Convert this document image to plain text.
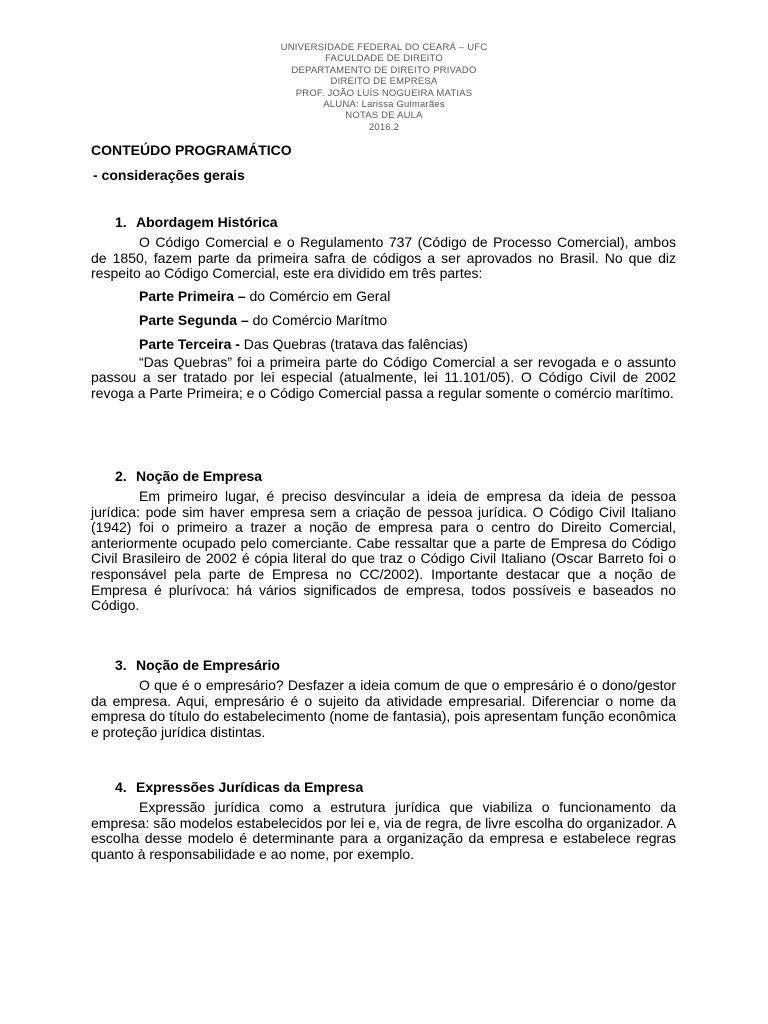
UNIVERSIDADE FEDERAL DO CEARÁ – UFC
FACULDADE DE DIREITO
DEPARTAMENTO DE DIREITO PRIVADO
DIREITO DE EMPRESA
PROF. JOÃO LUÍS NOGUEIRA MATIAS
ALUNA: Larissa Guimarães
NOTAS DE AULA
2016.2
CONTEÚDO PROGRAMÁTICO
- considerações gerais
1. Abordagem Histórica

O Código Comercial e o Regulamento 737 (Código de Processo Comercial), ambos de 1850, fazem parte da primeira safra de códigos a ser aprovados no Brasil. No que diz respeito ao Código Comercial, este era dividido em três partes:

Parte Primeira – do Comércio em Geral

Parte Segunda – do Comércio Marítmo

Parte Terceira - Das Quebras (tratava das falências)

“Das Quebras” foi a primeira parte do Código Comercial a ser revogada e o assunto passou a ser tratado por lei especial (atualmente, lei 11.101/05). O Código Civil de 2002 revoga a Parte Primeira; e o Código Comercial passa a regular somente o comércio marítimo.

2. Noção de Empresa

Em primeiro lugar, é preciso desvincular a ideia de empresa da ideia de pessoa jurídica: pode sim haver empresa sem a criação de pessoa jurídica. O Código Civil Italiano (1942) foi o primeiro a trazer a noção de empresa para o centro do Direito Comercial, anteriormente ocupado pelo comerciante. Cabe ressaltar que a parte de Empresa do Código Civil Brasileiro de 2002 é cópia literal do que traz o Código Civil Italiano (Oscar Barreto foi o responsável pela parte de Empresa no CC/2002). Importante destacar que a noção de Empresa é plurívoca: há vários significados de empresa, todos possíveis e baseados no Código.

3. Noção de Empresário

O que é o empresário? Desfazer a ideia comum de que o empresário é o dono/gestor da empresa. Aqui, empresário é o sujeito da atividade empresarial. Diferenciar o nome da empresa do título do estabelecimento (nome de fantasia), pois apresentam função econômica e proteção jurídica distintas.

4. Expressões Jurídicas da Empresa

Expressão jurídica como a estrutura jurídica que viabiliza o funcionamento da empresa: são modelos estabelecidos por lei e, via de regra, de livre escolha do organizador. A escolha desse modelo é determinante para a organização da empresa e estabelece regras quanto à responsabilidade e ao nome, por exemplo.
